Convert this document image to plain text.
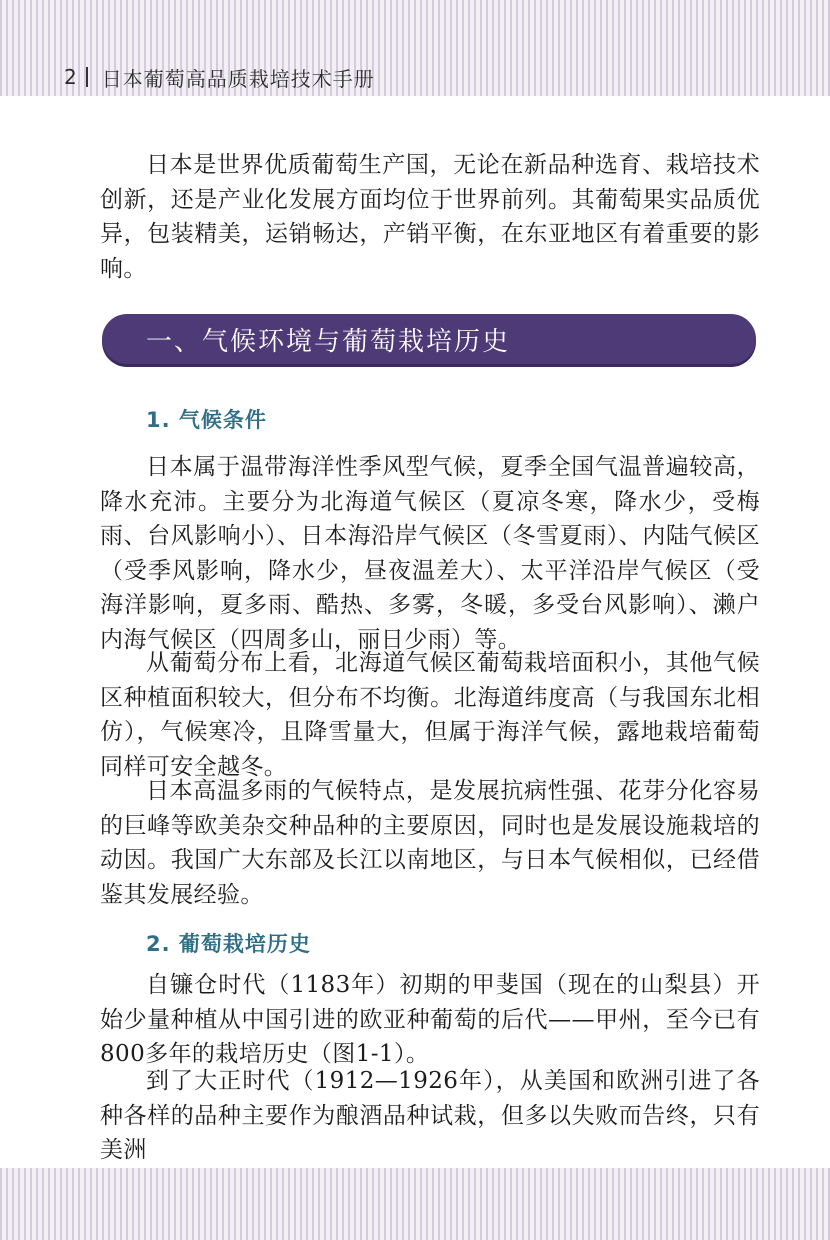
2 日本葡萄高品质栽培技术手册

日本是世界优质葡萄生产国，无论在新品种选育、栽培技术创新，还是产业化发展方面均位于世界前列。其葡萄果实品质优异，包装精美，运销畅达，产销平衡，在东亚地区有着重要的影响。

日本属于温带海洋性季风型气候，夏季全国气温普遍较高，降水充沛。主要分为北海道气候区（夏凉冬寒，降水少，受梅雨、台风影响小）、日本海沿岸气候区（冬雪夏雨）、内陆气候区（受季风影响，降水少，昼夜温差大）、太平洋沿岸气候区（受海洋影响，夏多雨、酷热、多雾，冬暖，多受台风影响）、濑户内海气候区（四周多山，丽日少雨）等。

从葡萄分布上看，北海道气候区葡萄栽培面积小，其他气候区种植面积较大，但分布不均衡。北海道纬度高（与我国东北相仿），气候寒冷，且降雪量大，但属于海洋气候，露地栽培葡萄同样可安全越冬。

日本高温多雨的气候特点，是发展抗病性强、花芽分化容易的巨峰等欧美杂交种品种的主要原因，同时也是发展设施栽培的动因。我国广大东部及长江以南地区，与日本气候相似，已经借鉴其发展经验。

自镰仓时代（1183年）初期的甲斐国（现在的山梨县）开始少量种植从中国引进的欧亚种葡萄的后代——甲州，至今已有800多年的栽培历史（图1-1）。

到了大正时代（1912—1926年），从美国和欧洲引进了各种各样的品种主要作为酿酒品种试栽，但多以失败而告终，只有美洲

一、气候环境与葡萄栽培历史
1. 气候条件
2. 葡萄栽培历史
